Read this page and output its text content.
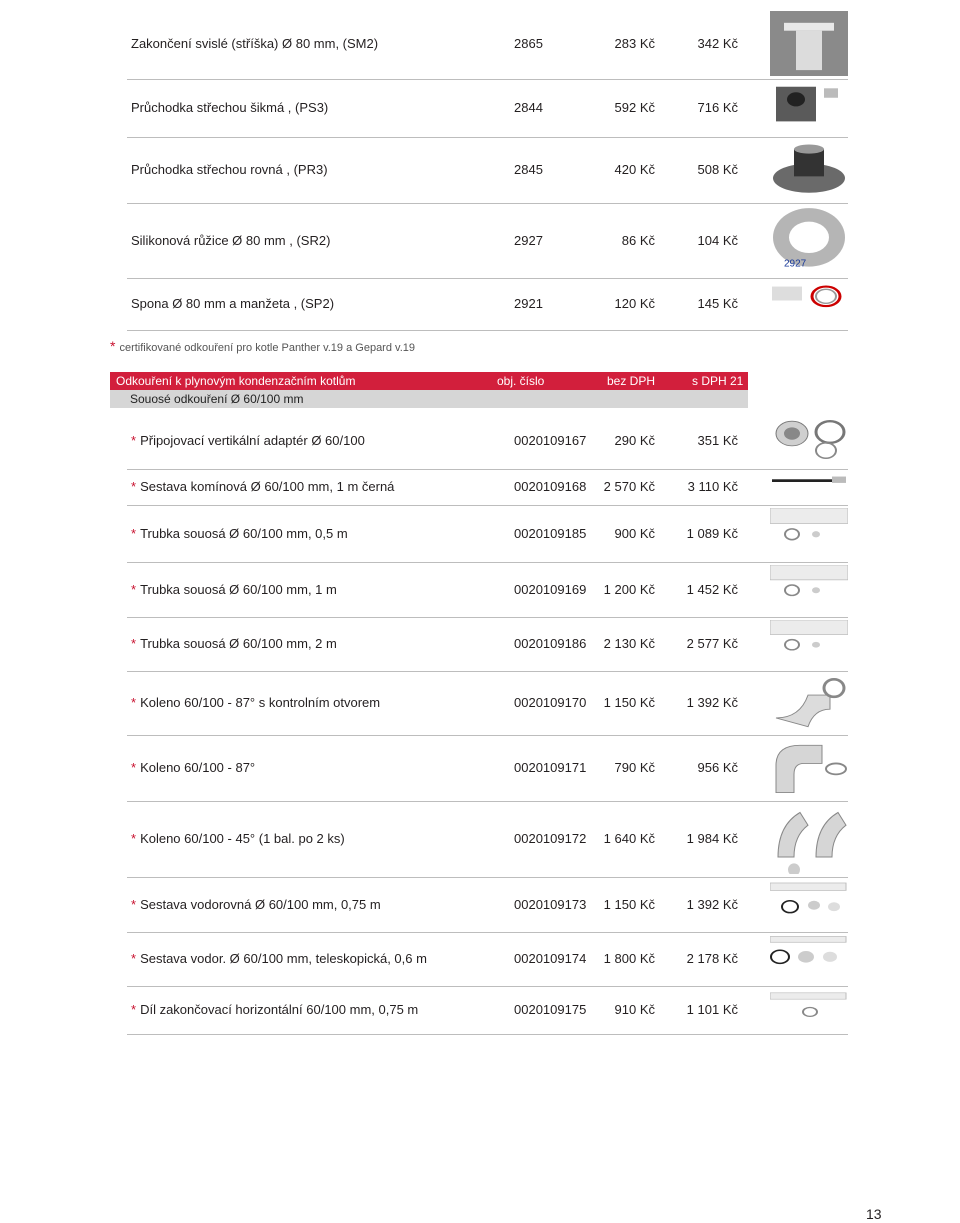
Zakončení svislé (stříška) Ø 80 mm, (SM2)	2865	283 Kč	342 Kč
Průchodka střechou šikmá , (PS3)	2844	592 Kč	716 Kč
Průchodka střechou rovná , (PR3)	2845	420 Kč	508 Kč
Silikonová růžice Ø 80 mm , (SR2)	2927	86 Kč	104 Kč
2927
Spona Ø 80 mm a manžeta , (SP2)	2921	120 Kč	145 Kč
* certifikované odkouření pro kotle Panther v.19 a Gepard v.19
Odkouření k plynovým kondenzačním kotlům	obj. číslo	bez DPH	s DPH 21
Souosé odkouření Ø 60/100 mm
* Připojovací vertikální adaptér Ø 60/100	0020109167 290 Kč	351 Kč
* Sestava komínová Ø 60/100 mm, 1 m černá	0020109168 2 570 Kč	3 110 Kč
* Trubka souosá Ø 60/100 mm, 0,5 m	0020109185 900 Kč 1 089 Kč
* Trubka souosá Ø 60/100 mm, 1 m	0020109169 1 200 Kč 1 452 Kč
* Trubka souosá Ø 60/100 mm, 2 m	0020109186 2 130 Kč 2 577 Kč
* Koleno 60/100 - 87° s kontrolním otvorem	0020109170 1 150 Kč 1 392 Kč
* Koleno 60/100 - 87°	0020109171 790 Kč	956 Kč
* Koleno 60/100 - 45° (1 bal. po 2 ks)	0020109172 1 640 Kč 1 984 Kč
* Sestava vodorovná Ø 60/100 mm, 0,75 m	0020109173 1 150 Kč 1 392 Kč
* Sestava vodor. Ø 60/100 mm, teleskopická, 0,6 m	0020109174 1 800 Kč 2 178 Kč
* Díl zakončovací horizontální 60/100 mm, 0,75 m	0020109175 910 Kč 1 101 Kč
13
